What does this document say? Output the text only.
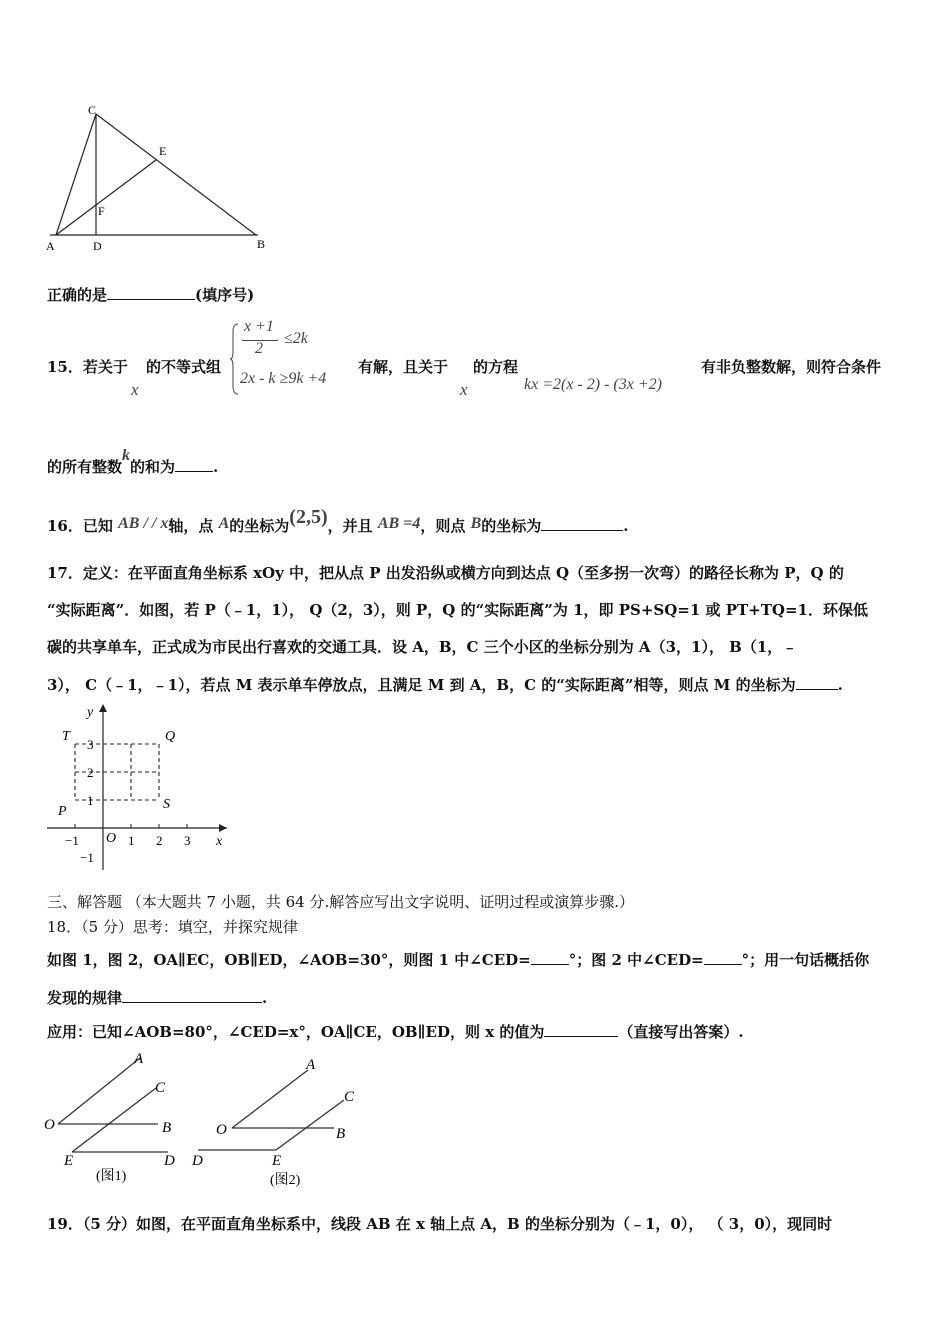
C
E
F
A	D	B
正确的是	(填序号)
15．若关于
x
的不等式组
x +1
2
≤2k
2x - k ≥9k +4
有解，且关于
x
的方程
kx =2(x - 2) - (3x +2)
有非负整数解，则符合条件
的所有整数k的和为	.
16．已知 AB / / x轴，点 A的坐标为(2,5)，并且 AB =4，则点 B的坐标为	.
17．定义：在平面直角坐标系 xOy 中，把从点 P 出发沿纵或横方向到达点 Q（至多拐一次弯）的路径长称为 P，Q 的
“实际距离”．如图，若 P（﹣1，1）， Q（2，3），则 P，Q 的“实际距离”为 1，即 PS+SQ=1 或 PT+TQ=1．环保低
碳的共享单车，正式成为市民出行喜欢的交通工具．设 A，B，C 三个小区的坐标分别为 A（3，1）， B（1，﹣
3）， C（﹣1，﹣1），若点 M 表示单车停放点，且满足 M 到 A，B，C 的“实际距离”相等，则点 M 的坐标为	.
y
x
O
T	Q
P	S
3
2
1
−1
−1	1 2 3
三、解答题 （本大题共 7 小题，共 64 分.解答应写出文字说明、证明过程或演算步骤.）
18．（5 分）思考：填空，并探究规律
如图 1，图 2，OA∥EC，OB∥ED，∠AOB=30°，则图 1 中∠CED=	°；图 2 中∠CED=	°；用一句话概括你
发现的规律	.
应用：已知∠AOB=80°，∠CED=x°，OA∥CE，OB∥ED，则 x 的值为	（直接写出答案）.
A
C
O	B
E	D
(图1)
A
C
O	B
D	E
(图2)
19．（5 分）如图，在平面直角坐标系中，线段 AB 在 x 轴上点 A，B 的坐标分别为（﹣1，0）， （ 3，0），现同时
